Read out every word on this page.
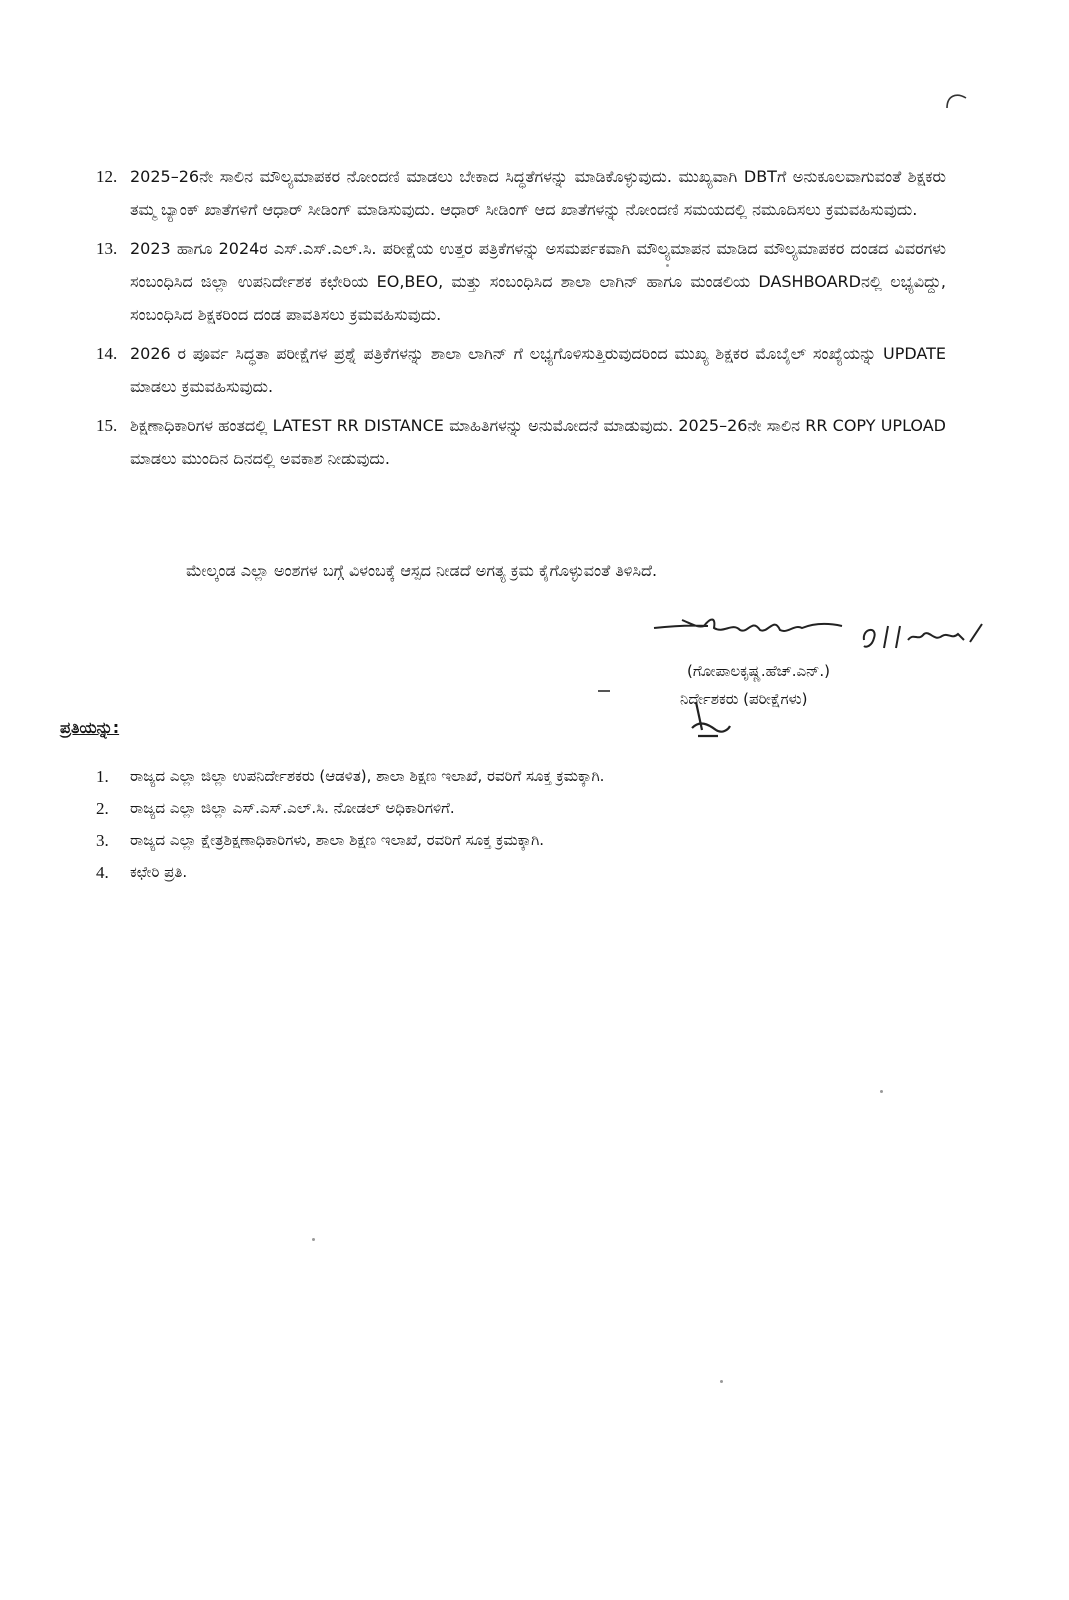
12. 2025–26ನೇ ಸಾಲಿನ ಮೌಲ್ಯಮಾಪಕರ ನೋಂದಣಿ ಮಾಡಲು ಬೇಕಾದ ಸಿದ್ಧತೆಗಳನ್ನು ಮಾಡಿಕೊಳ್ಳುವುದು. ಮುಖ್ಯವಾಗಿ DBTಗೆ ಅನುಕೂಲವಾಗುವಂತೆ ಶಿಕ್ಷಕರು ತಮ್ಮ ಬ್ಯಾಂಕ್ ಖಾತೆಗಳಿಗೆ ಆಧಾರ್ ಸೀಡಿಂಗ್ ಮಾಡಿಸುವುದು. ಆಧಾರ್ ಸೀಡಿಂಗ್ ಆದ ಖಾತೆಗಳನ್ನು ನೋಂದಣಿ ಸಮಯದಲ್ಲಿ ನಮೂದಿಸಲು ಕ್ರಮವಹಿಸುವುದು.
13. 2023 ಹಾಗೂ 2024ರ ಎಸ್.ಎಸ್.ಎಲ್.ಸಿ. ಪರೀಕ್ಷೆಯ ಉತ್ತರ ಪತ್ರಿಕೆಗಳನ್ನು ಅಸಮರ್ಪಕವಾಗಿ ಮೌಲ್ಯಮಾಪನ ಮಾಡಿದ ಮೌಲ್ಯಮಾಪಕರ ದಂಡದ ವಿವರಗಳು ಸಂಬಂಧಿಸಿದ ಜಿಲ್ಲಾ ಉಪನಿರ್ದೇಶಕ ಕಛೇರಿಯ EO,BEO, ಮತ್ತು ಸಂಬಂಧಿಸಿದ ಶಾಲಾ ಲಾಗಿನ್ ಹಾಗೂ ಮಂಡಲಿಯ DASHBOARDನಲ್ಲಿ ಲಭ್ಯವಿದ್ದು, ಸಂಬಂಧಿಸಿದ ಶಿಕ್ಷಕರಿಂದ ದಂಡ ಪಾವತಿಸಲು ಕ್ರಮವಹಿಸುವುದು.
14. 2026 ರ ಪೂರ್ವ ಸಿದ್ಧತಾ ಪರೀಕ್ಷೆಗಳ ಪ್ರಶ್ನೆ ಪತ್ರಿಕೆಗಳನ್ನು ಶಾಲಾ ಲಾಗಿನ್ ಗೆ ಲಭ್ಯಗೊಳಿಸುತ್ತಿರುವುದರಿಂದ ಮುಖ್ಯ ಶಿಕ್ಷಕರ ಮೊಬೈಲ್ ಸಂಖ್ಯೆಯನ್ನು UPDATE ಮಾಡಲು ಕ್ರಮವಹಿಸುವುದು.
15. ಶಿಕ್ಷಣಾಧಿಕಾರಿಗಳ ಹಂತದಲ್ಲಿ LATEST RR DISTANCE ಮಾಹಿತಿಗಳನ್ನು ಅನುಮೋದನೆ ಮಾಡುವುದು. 2025–26ನೇ ಸಾಲಿನ RR COPY UPLOAD ಮಾಡಲು ಮುಂದಿನ ದಿನದಲ್ಲಿ ಅವಕಾಶ ನೀಡುವುದು.
ಮೇಲ್ಕಂಡ ಎಲ್ಲಾ ಅಂಶಗಳ ಬಗ್ಗೆ ವಿಳಂಬಕ್ಕೆ ಆಸ್ಪದ ನೀಡದೆ ಅಗತ್ಯ ಕ್ರಮ ಕೈಗೊಳ್ಳುವಂತೆ ತಿಳಿಸಿದೆ.
(ಗೋಪಾಲಕೃಷ್ಣ.ಹೆಚ್.ಎನ್.)
ನಿರ್ದೇಶಕರು (ಪರೀಕ್ಷೆಗಳು)
ಪ್ರತಿಯನ್ನು:
1. ರಾಜ್ಯದ ಎಲ್ಲಾ ಜಿಲ್ಲಾ ಉಪನಿರ್ದೇಶಕರು (ಆಡಳಿತ), ಶಾಲಾ ಶಿಕ್ಷಣ ಇಲಾಖೆ, ರವರಿಗೆ ಸೂಕ್ತ ಕ್ರಮಕ್ಕಾಗಿ.
2. ರಾಜ್ಯದ ಎಲ್ಲಾ ಜಿಲ್ಲಾ ಎಸ್.ಎಸ್.ಎಲ್.ಸಿ. ನೋಡಲ್ ಅಧಿಕಾರಿಗಳಿಗೆ.
3. ರಾಜ್ಯದ ಎಲ್ಲಾ ಕ್ಷೇತ್ರಶಿಕ್ಷಣಾಧಿಕಾರಿಗಳು, ಶಾಲಾ ಶಿಕ್ಷಣ ಇಲಾಖೆ, ರವರಿಗೆ ಸೂಕ್ತ ಕ್ರಮಕ್ಕಾಗಿ.
4. ಕಛೇರಿ ಪ್ರತಿ.
